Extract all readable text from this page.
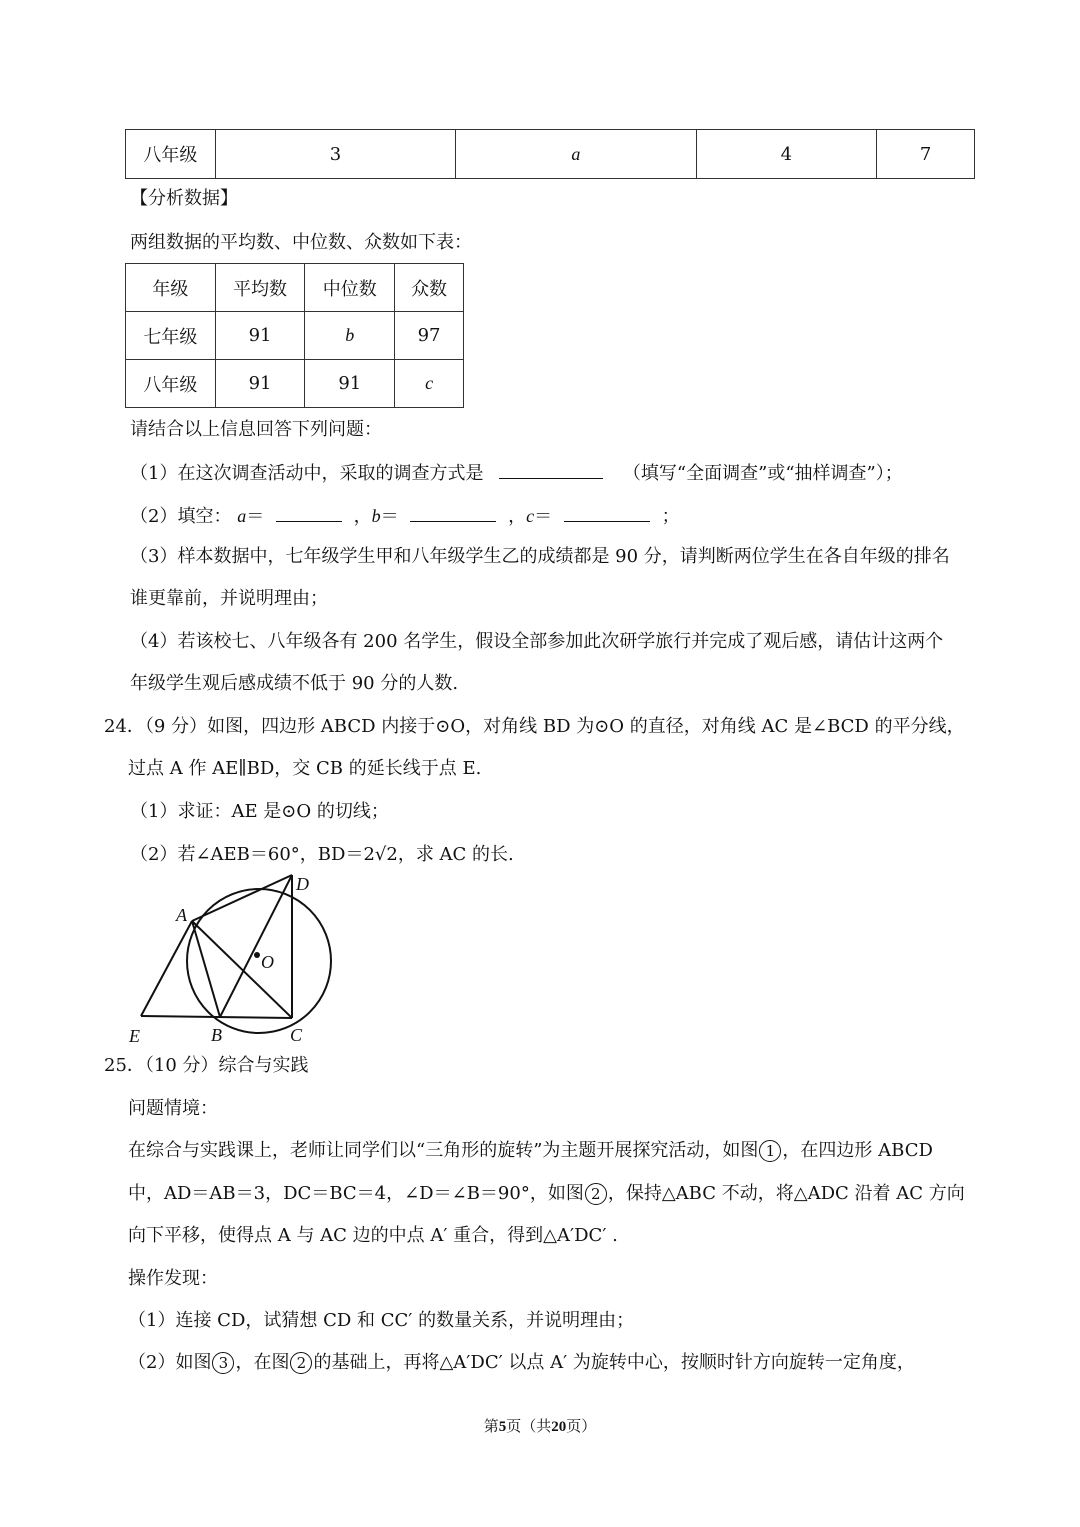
八年级	3	a	4	7
【分析数据】
两组数据的平均数、中位数、众数如下表：
年级	平均数	中位数	众数
七年级	91	b	97
八年级	91	91	c
请结合以上信息回答下列问题：
（1）在这次调查活动中，采取的调查方式是	（填写“全面调查”或“抽样调查”）；
（2）填空： a＝	，b＝	，c＝	；
（3）样本数据中，七年级学生甲和八年级学生乙的成绩都是 90 分，请判断两位学生在各自年级的排名
谁更靠前，并说明理由；
（4）若该校七、八年级各有 200 名学生，假设全部参加此次研学旅行并完成了观后感，请估计这两个
年级学生观后感成绩不低于 90 分的人数.
24．（9 分）如图，四边形 ABCD 内接于⊙O，对角线 BD 为⊙O 的直径，对角线 AC 是∠BCD 的平分线，
过点 A 作 AE∥BD，交 CB 的延长线于点 E.
（1）求证：AE 是⊙O 的切线；
（2）若∠AEB＝60°，BD＝2√2，求 AC 的长.
A
D
O
E	B	C
25．（10 分）综合与实践
问题情境：
在综合与实践课上，老师让同学们以“三角形的旋转”为主题开展探究活动，如图 1 ，在四边形 ABCD
中，AD＝AB＝3，DC＝BC＝4，∠D＝∠B＝90°，如图 2 ，保持△ABC 不动，将△ADC 沿着 AC 方向
向下平移，使得点 A 与 AC 边的中点 A′ 重合，得到△A′DC′ .
操作发现：
（1）连接 CD，试猜想 CD 和 CC′ 的数量关系，并说明理由；
（2）如图 3 ，在图 2 的基础上，再将△A′DC′ 以点 A′ 为旋转中心，按顺时针方向旋转一定角度，
第5页（共20页）
